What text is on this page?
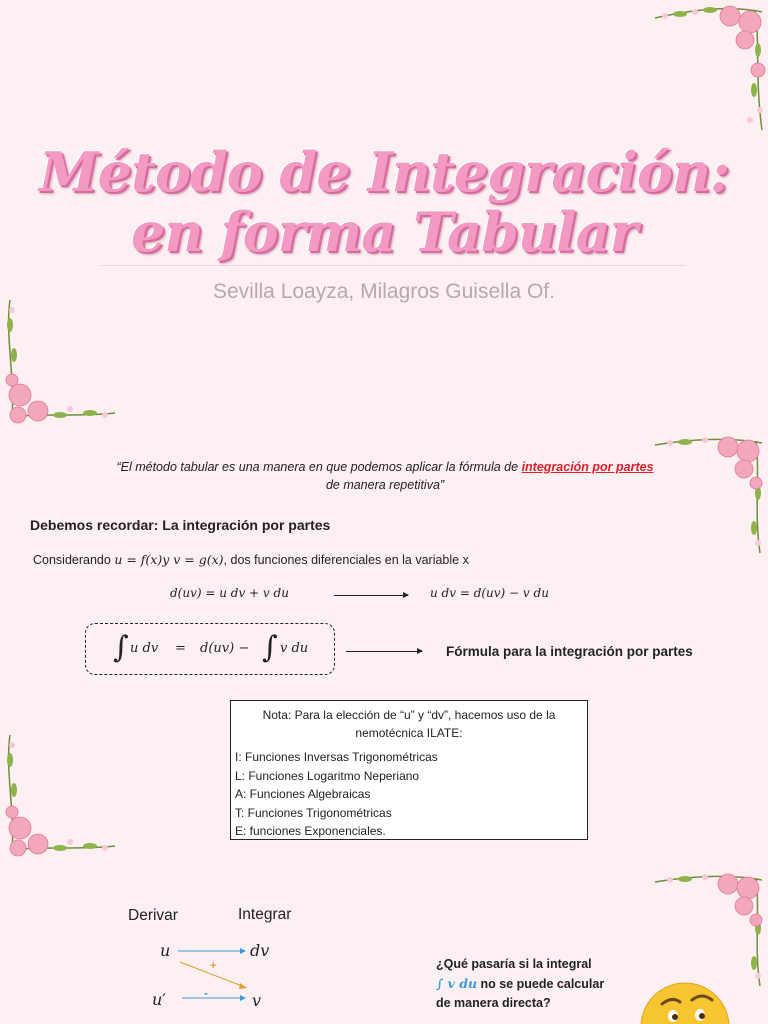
Método de Integración:
en forma Tabular
Sevilla Loayza, Milagros Guisella Of.
“El método tabular es una manera en que podemos aplicar la fórmula de integración por partes
de manera repetitiva”
Debemos recordar: La integración por partes
Considerando u = f(x)y v = g(x), dos funciones diferenciales en la variable x
d(uv) = u dv + v du	u dv = d(uv) − v du
∫ u dv = d(uv) − ∫ v du	Fórmula para la integración por partes
Nota: Para la elección de “u” y “dv”, hacemos uso de la nemotécnica ILATE:
I: Funciones Inversas Trigonométricas
L: Funciones Logaritmo Neperiano
A: Funciones Algebraicas
T: Funciones Trigonométricas
E: funciones Exponenciales.
Derivar	Integrar
u	dv
u′	v
+
-
¿Qué pasaría si la integral
∫ v du no se puede calcular
de manera directa?
